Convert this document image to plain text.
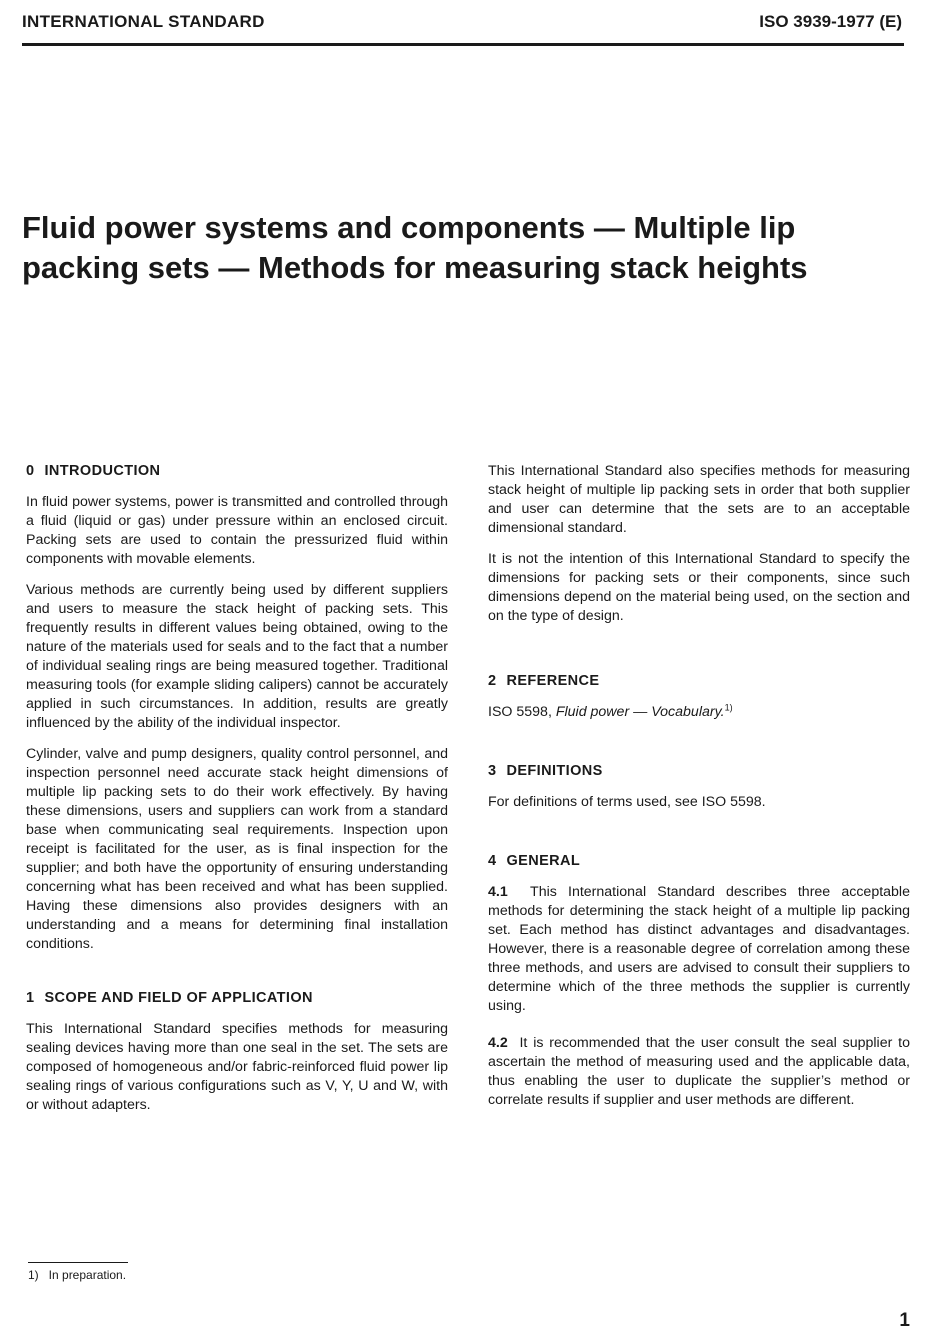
INTERNATIONAL STANDARD	ISO 3939-1977 (E)
Fluid power systems and components — Multiple lip packing sets — Methods for measuring stack heights
0 INTRODUCTION

In fluid power systems, power is transmitted and controlled through a fluid (liquid or gas) under pressure within an enclosed circuit. Packing sets are used to contain the pressurized fluid within components with movable elements.

Various methods are currently being used by different suppliers and users to measure the stack height of packing sets. This frequently results in different values being obtained, owing to the nature of the materials used for seals and to the fact that a number of individual sealing rings are being measured together. Traditional measuring tools (for example sliding calipers) cannot be accurately applied in such circumstances. In addition, results are greatly influenced by the ability of the individual inspector.

Cylinder, valve and pump designers, quality control personnel, and inspection personnel need accurate stack height dimensions of multiple lip packing sets to do their work effectively. By having these dimensions, users and suppliers can work from a standard base when communicating seal requirements. Inspection upon receipt is facilitated for the user, as is final inspection for the supplier; and both have the opportunity of ensuring understanding concerning what has been received and what has been supplied. Having these dimensions also provides designers with an understanding and a means for determining final installation conditions.

1 SCOPE AND FIELD OF APPLICATION

This International Standard specifies methods for measuring sealing devices having more than one seal in the set. The sets are composed of homogeneous and/or fabric-reinforced fluid power lip sealing rings of various configurations such as V, Y, U and W, with or without adapters.

This International Standard also specifies methods for measuring stack height of multiple lip packing sets in order that both supplier and user can determine that the sets are to an acceptable dimensional standard.

It is not the intention of this International Standard to specify the dimensions for packing sets or their components, since such dimensions depend on the material being used, on the section and on the type of design.

2 REFERENCE

ISO 5598, Fluid power — Vocabulary.$^{1)}$

3 DEFINITIONS

For definitions of terms used, see ISO 5598.

4 GENERAL

4.1 This International Standard describes three acceptable methods for determining the stack height of a multiple lip packing set. Each method has distinct advantages and disadvantages. However, there is a reasonable degree of correlation among these three methods, and users are advised to consult their suppliers to determine which of the three methods the supplier is currently using.

4.2 It is recommended that the user consult the seal supplier to ascertain the method of measuring used and the applicable data, thus enabling the user to duplicate the supplier’s method or correlate results if supplier and user methods are different.

1) In preparation.
1
